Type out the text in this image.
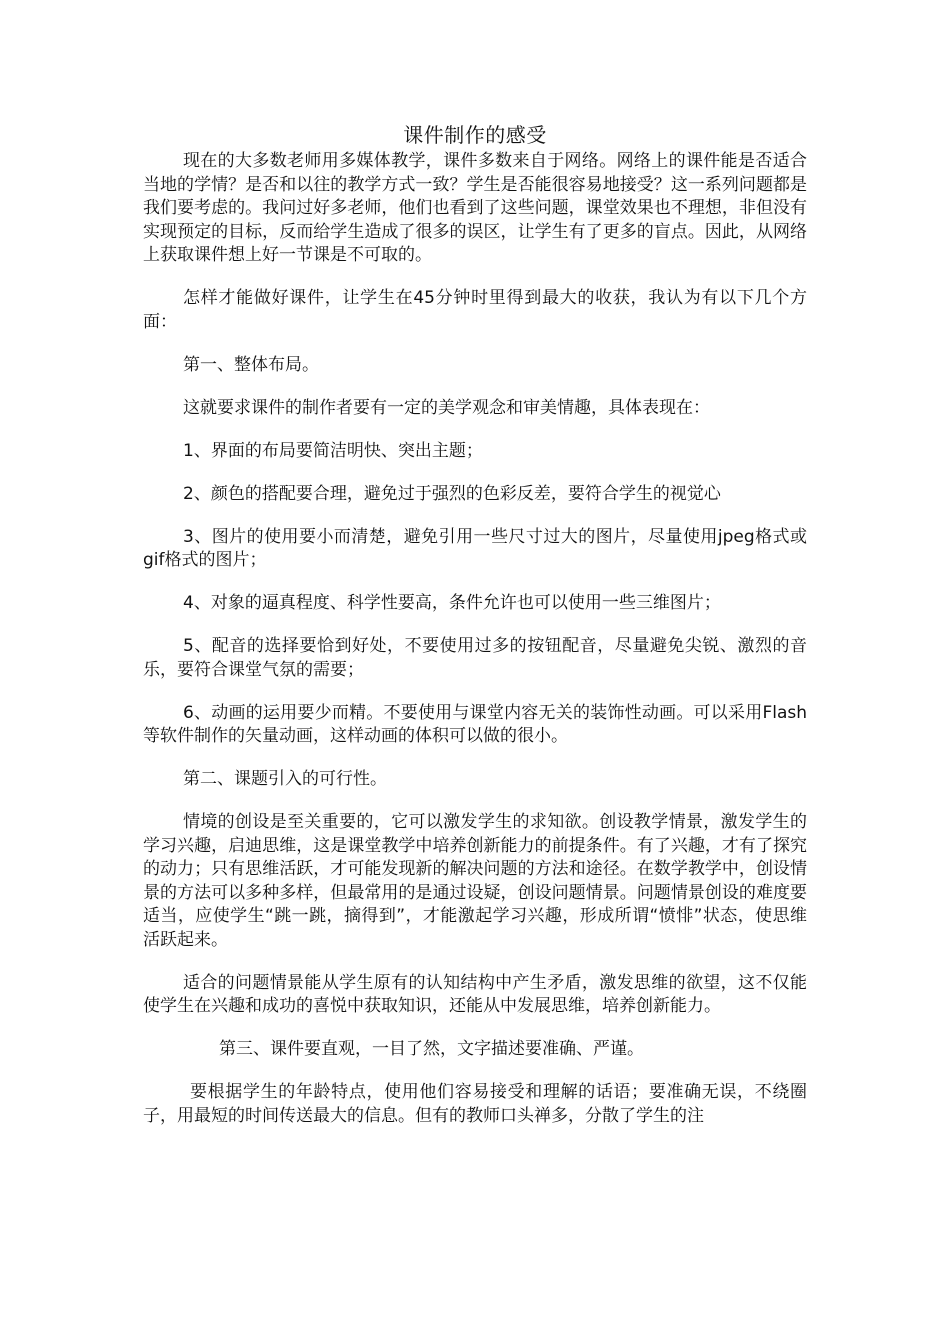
课件制作的感受

现在的大多数老师用多媒体教学，课件多数来自于网络。网络上的课件能是否适合当地的学情？是否和以往的教学方式一致？学生是否能很容易地接受？这一系列问题都是我们要考虑的。我问过好多老师，他们也看到了这些问题，课堂效果也不理想，非但没有实现预定的目标，反而给学生造成了很多的误区，让学生有了更多的盲点。因此，从网络上获取课件想上好一节课是不可取的。

怎样才能做好课件，让学生在45分钟时里得到最大的收获，我认为有以下几个方面：

第一、整体布局。

这就要求课件的制作者要有一定的美学观念和审美情趣，具体表现在：

1、界面的布局要简洁明快、突出主题；

2、颜色的搭配要合理，避免过于强烈的色彩反差，要符合学生的视觉心

3、图片的使用要小而清楚，避免引用一些尺寸过大的图片，尽量使用jpeg格式或gif格式的图片；

4、对象的逼真程度、科学性要高，条件允许也可以使用一些三维图片；

5、配音的选择要恰到好处，不要使用过多的按钮配音，尽量避免尖锐、激烈的音乐，要符合课堂气氛的需要；

6、动画的运用要少而精。不要使用与课堂内容无关的装饰性动画。可以采用Flash等软件制作的矢量动画，这样动画的体积可以做的很小。

第二、课题引入的可行性。

情境的创设是至关重要的，它可以激发学生的求知欲。创设教学情景，激发学生的学习兴趣，启迪思维，这是课堂教学中培养创新能力的前提条件。有了兴趣，才有了探究的动力；只有思维活跃，才可能发现新的解决问题的方法和途径。在数学教学中，创设情景的方法可以多种多样，但最常用的是通过设疑，创设问题情景。问题情景创设的难度要适当，应使学生“跳一跳，摘得到”，才能激起学习兴趣，形成所谓“愤悱”状态，使思维活跃起来。

适合的问题情景能从学生原有的认知结构中产生矛盾，激发思维的欲望，这不仅能使学生在兴趣和成功的喜悦中获取知识，还能从中发展思维，培养创新能力。

第三、课件要直观，一目了然，文字描述要准确、严谨。

要根据学生的年龄特点，使用他们容易接受和理解的话语；要准确无误，不绕圈子，用最短的时间传送最大的信息。但有的教师口头禅多，分散了学生的注
